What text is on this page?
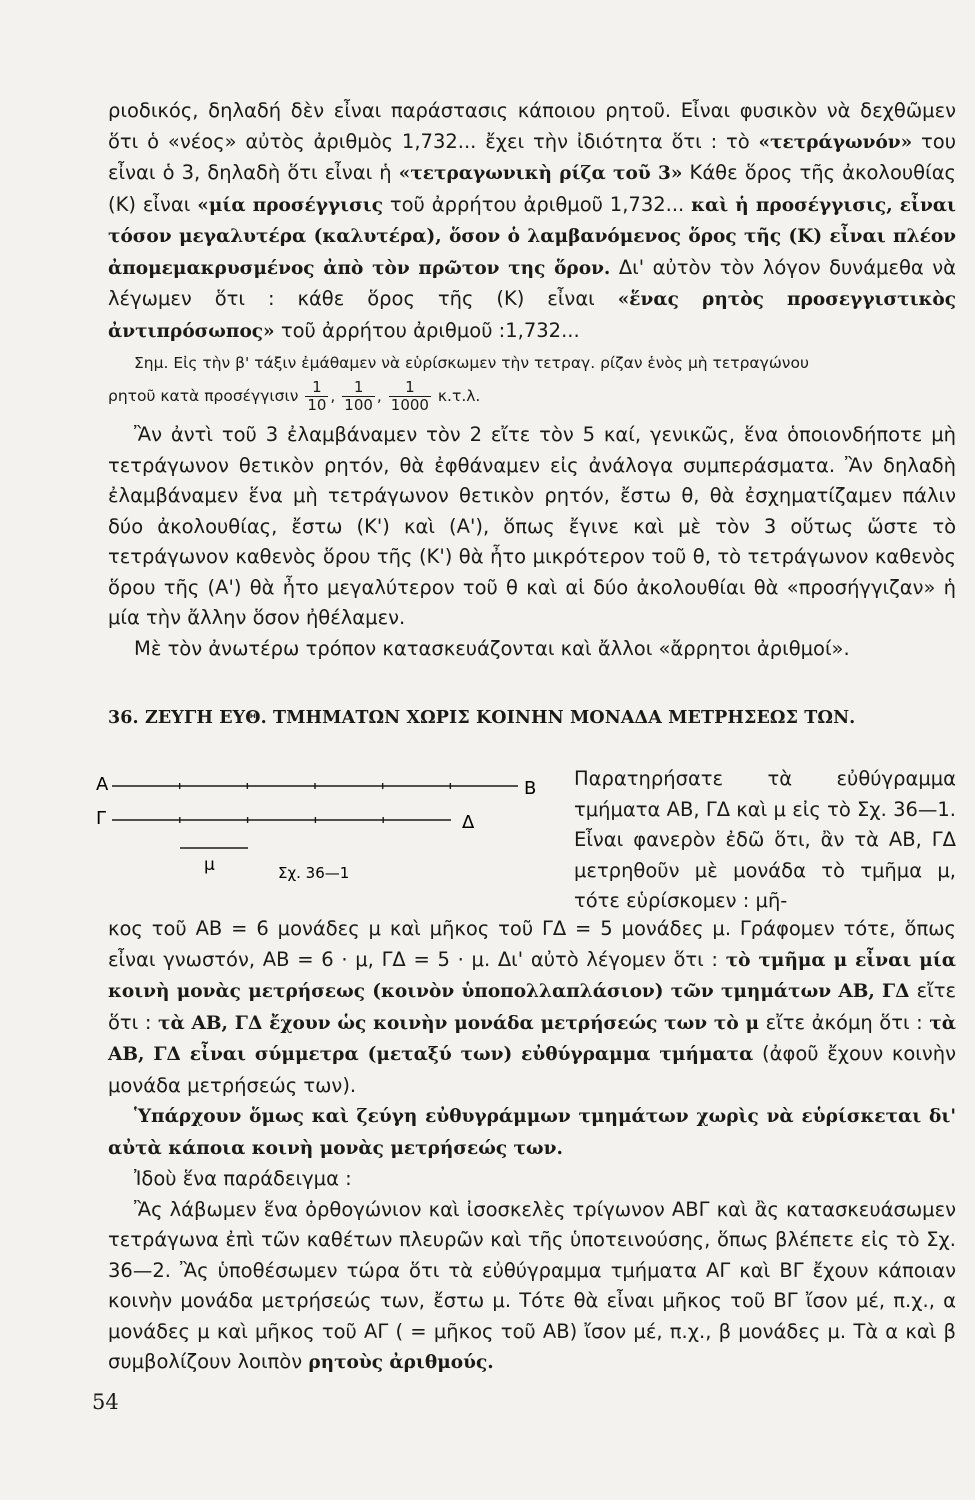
ριοδικός, δηλαδή δὲν εἶναι παράστασις κάποιου ρητοῦ. Εἶναι φυσικὸν νὰ δεχθῶμεν ὅτι ὁ «νέος» αὐτὸς ἀριθμὸς 1,732... ἔχει τὴν ἰδιότητα ὅτι : τὸ «τετράγωνόν» του εἶναι ὁ 3, δηλαδὴ ὅτι εἶναι ἡ «τετραγωνικὴ ρίζα τοῦ 3» Κάθε ὅρος τῆς ἀκολουθίας (Κ) εἶναι «μία προσέγγισις τοῦ ἀρρήτου ἀριθμοῦ 1,732... καὶ ἡ προσέγγισις, εἶναι τόσον μεγαλυτέρα (καλυτέρα), ὅσον ὁ λαμβανόμενος ὅρος τῆς (Κ) εἶναι πλέον ἀπομεμακρυσμένος ἀπὸ τὸν πρῶτον της ὅρον. Δι' αὐτὸν τὸν λόγον δυνάμεθα νὰ λέγωμεν ὅτι : κάθε ὅρος τῆς (Κ) εἶναι «ἕνας ρητὸς προσεγγιστικὸς ἀντιπρόσωπος» τοῦ ἀρρήτου ἀριθμοῦ :1,732...

Σημ. Εἰς τὴν β' τάξιν ἐμάθαμεν νὰ εὑρίσκωμεν τὴν τετραγ. ρίζαν ἑνὸς μὴ τετραγώνου

ρητοῦ κατὰ προσέγγισιν $\frac{1}{10}$ , $\frac{1}{100}$ , $\frac{1}{1000} \kappa.\tau.\lambda$.

Ἂν ἀντὶ τοῦ 3 ἐλαμβάναμεν τὸν 2 εἴτε τὸν 5 καί, γενικῶς, ἕνα ὁποιονδήποτε μὴ τετράγωνον θετικὸν ρητόν, θὰ ἐφθάναμεν εἰς ἀνάλογα συμπεράσματα. Ἂν δηλαδὴ ἐλαμβάναμεν ἕνα μὴ τετράγωνον θετικὸν ρητόν, ἔστω θ, θὰ ἐσχηματίζαμεν πάλιν δύο ἀκολουθίας, ἔστω (Κ') καὶ (Α'), ὅπως ἔγινε καὶ μὲ τὸν 3 οὕτως ὥστε τὸ τετράγωνον καθενὸς ὅρου τῆς (Κ') θὰ ἦτο μικρότερον τοῦ θ, τὸ τετράγωνον καθενὸς ὅρου τῆς (Α') θὰ ἦτο μεγαλύτερον τοῦ θ καὶ αἱ δύο ἀκολουθίαι θὰ «προσήγγιζαν» ἡ μία τὴν ἄλλην ὅσον ἠθέλαμεν.

Μὲ τὸν ἀνωτέρω τρόπον κατασκευάζονται καὶ ἄλλοι «ἄρρητοι ἀριθμοί».

36. ΖΕΥΓΗ ΕΥΘ. ΤΜΗΜΑΤΩΝ ΧΩΡΙΣ ΚΟΙΝΗΝ ΜΟΝΑΔΑ ΜΕΤΡΗΣΕΩΣ ΤΩΝ.
Α	Β
Γ	Δ
μ	Σχ. 36—1

Παρατηρήσατε τὰ εὐθύγραμμα τμήματα ΑΒ, ΓΔ καὶ μ εἰς τὸ Σχ. 36—1. Εἶναι φανερὸν ἐδῶ ὅτι, ἂν τὰ ΑΒ, ΓΔ μετρηθοῦν μὲ μονάδα τὸ τμῆμα μ, τότε εὑρίσκομεν : μῆ-

κος τοῦ ΑΒ = 6 μονάδες μ καὶ μῆκος τοῦ ΓΔ = 5 μονάδες μ. Γράφομεν τότε, ὅπως εἶναι γνωστόν, ΑΒ = 6 · μ, ΓΔ = 5 · μ. Δι' αὐτὸ λέγομεν ὅτι : τὸ τμῆμα μ εἶναι μία κοινὴ μονὰς μετρήσεως (κοινὸν ὑποπολλαπλάσιον) τῶν τμημάτων ΑΒ, ΓΔ εἴτε ὅτι : τὰ ΑΒ, ΓΔ ἔχουν ὡς κοινὴν μονάδα μετρήσεώς των τὸ μ εἴτε ἀκόμη ὅτι : τὰ ΑΒ, ΓΔ εἶναι σύμμετρα (μεταξύ των) εὐθύγραμμα τμήματα (ἀφοῦ ἔχουν κοινὴν μονάδα μετρήσεώς των).

Ὑπάρχουν ὅμως καὶ ζεύγη εὐθυγράμμων τμημάτων χωρὶς νὰ εὑρίσκεται δι' αὐτὰ κάποια κοινὴ μονὰς μετρήσεώς των.

Ἰδοὺ ἕνα παράδειγμα :

Ἂς λάβωμεν ἕνα ὀρθογώνιον καὶ ἰσοσκελὲς τρίγωνον ΑΒΓ καὶ ἂς κατασκευάσωμεν τετράγωνα ἐπὶ τῶν καθέτων πλευρῶν καὶ τῆς ὑποτεινούσης, ὅπως βλέπετε εἰς τὸ Σχ. 36—2. Ἂς ὑποθέσωμεν τώρα ὅτι τὰ εὐθύγραμμα τμήματα ΑΓ καὶ ΒΓ ἔχουν κάποιαν κοινὴν μονάδα μετρήσεώς των, ἔστω μ. Τότε θὰ εἶναι μῆκος τοῦ ΒΓ ἴσον μέ, π.χ., α μονάδες μ καὶ μῆκος τοῦ ΑΓ ( = μῆκος τοῦ ΑΒ) ἴσον μέ, π.χ., β μονάδες μ. Τὰ α καὶ β συμβολίζουν λοιπὸν ρητοὺς ἀριθμούς.

54
